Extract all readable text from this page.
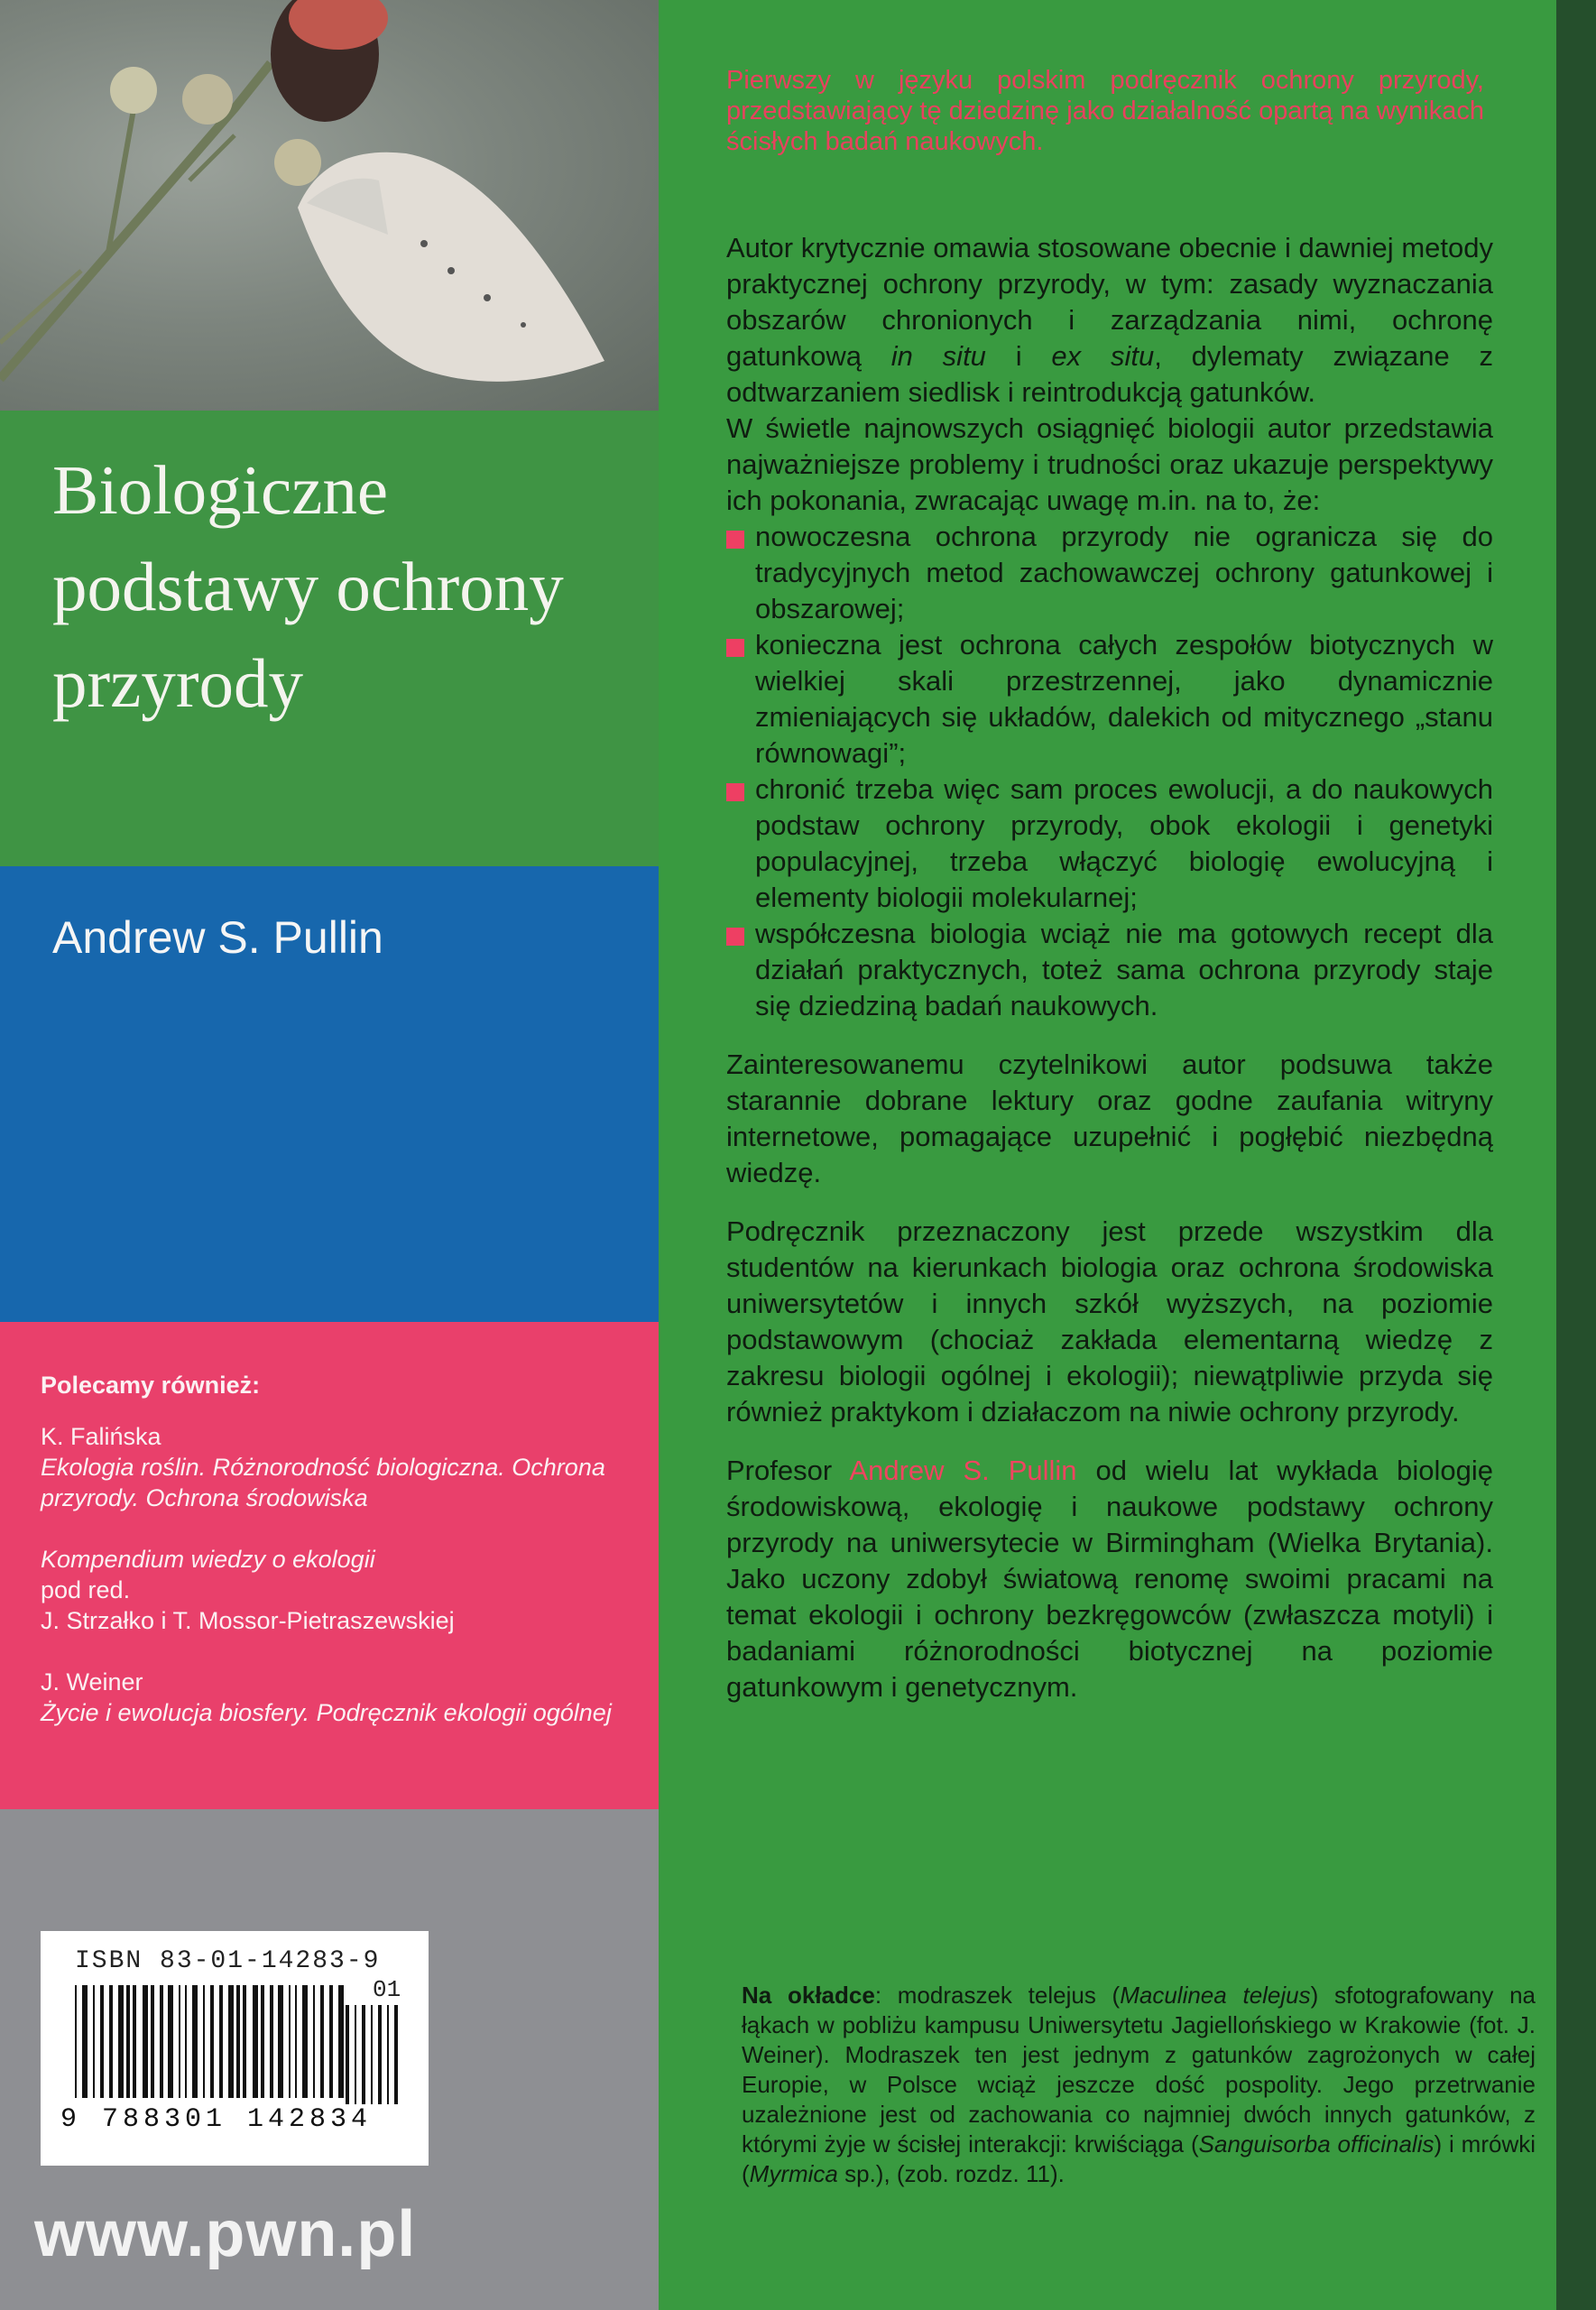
Biologiczne podstawy ochrony przyrody
Andrew S. Pullin

Polecamy również:

K. Falińska
Ekologia roślin. Różnorodność biologiczna. Ochrona przyrody. Ochrona środowiska
Kompendium wiedzy o ekologii
pod red.
J. Strzałko i T. Mossor-Pietraszewskiej
J. Weiner
Życie i ewolucja biosfery. Podręcznik ekologii ogólnej
ISBN 83-01-14283-9
01
9 788301 142834

www.pwn.pl

Pierwszy w języku polskim podręcznik ochrony przyrody, przedstawiający tę dziedzinę jako działalność opartą na wynikach ścisłych badań naukowych.

Autor krytycznie omawia stosowane obecnie i dawniej metody praktycznej ochrony przyrody, w tym: zasady wyznaczania obszarów chronionych i zarządzania nimi, ochronę gatunkową in situ i ex situ, dylematy związane z odtwarzaniem siedlisk i reintrodukcją gatunków.

W świetle najnowszych osiągnięć biologii autor przedstawia najważniejsze problemy i trudności oraz ukazuje perspektywy ich pokonania, zwracając uwagę m.in. na to, że:

nowoczesna ochrona przyrody nie ogranicza się do tradycyjnych metod zachowawczej ochrony gatunkowej i obszarowej;
konieczna jest ochrona całych zespołów biotycznych w wielkiej skali przestrzennej, jako dynamicznie zmieniających się układów, dalekich od mitycznego „stanu równowagi”;
chronić trzeba więc sam proces ewolucji, a do naukowych podstaw ochrony przyrody, obok ekologii i genetyki populacyjnej, trzeba włączyć biologię ewolucyjną i elementy biologii molekularnej;
współczesna biologia wciąż nie ma gotowych recept dla działań praktycznych, toteż sama ochrona przyrody staje się dziedziną badań naukowych.

Zainteresowanemu czytelnikowi autor podsuwa także starannie dobrane lektury oraz godne zaufania witryny internetowe, pomagające uzupełnić i pogłębić niezbędną wiedzę.

Podręcznik przeznaczony jest przede wszystkim dla studentów na kierunkach biologia oraz ochrona środowiska uniwersytetów i innych szkół wyższych, na poziomie podstawowym (chociaż zakłada elementarną wiedzę z zakresu biologii ogólnej i ekologii); niewątpliwie przyda się również praktykom i działaczom na niwie ochrony przyrody.

Profesor Andrew S. Pullin od wielu lat wykłada biologię środowiskową, ekologię i naukowe podstawy ochrony przyrody na uniwersytecie w Birmingham (Wielka Brytania). Jako uczony zdobył światową renomę swoimi pracami na temat ekologii i ochrony bezkręgowców (zwłaszcza motyli) i badaniami różnorodności biotycznej na poziomie gatunkowym i genetycznym.

Na okładce: modraszek telejus (Maculinea telejus) sfotografowany na łąkach w pobliżu kampusu Uniwersytetu Jagiellońskiego w Krakowie (fot. J. Weiner). Modraszek ten jest jednym z gatunków zagrożonych w całej Europie, w Polsce wciąż jeszcze dość pospolity. Jego przetrwanie uzależnione jest od zachowania co najmniej dwóch innych gatunków, z którymi żyje w ścisłej interakcji: krwiściąga (Sanguisorba officinalis) i mrówki (Myrmica sp.), (zob. rozdz. 11).
